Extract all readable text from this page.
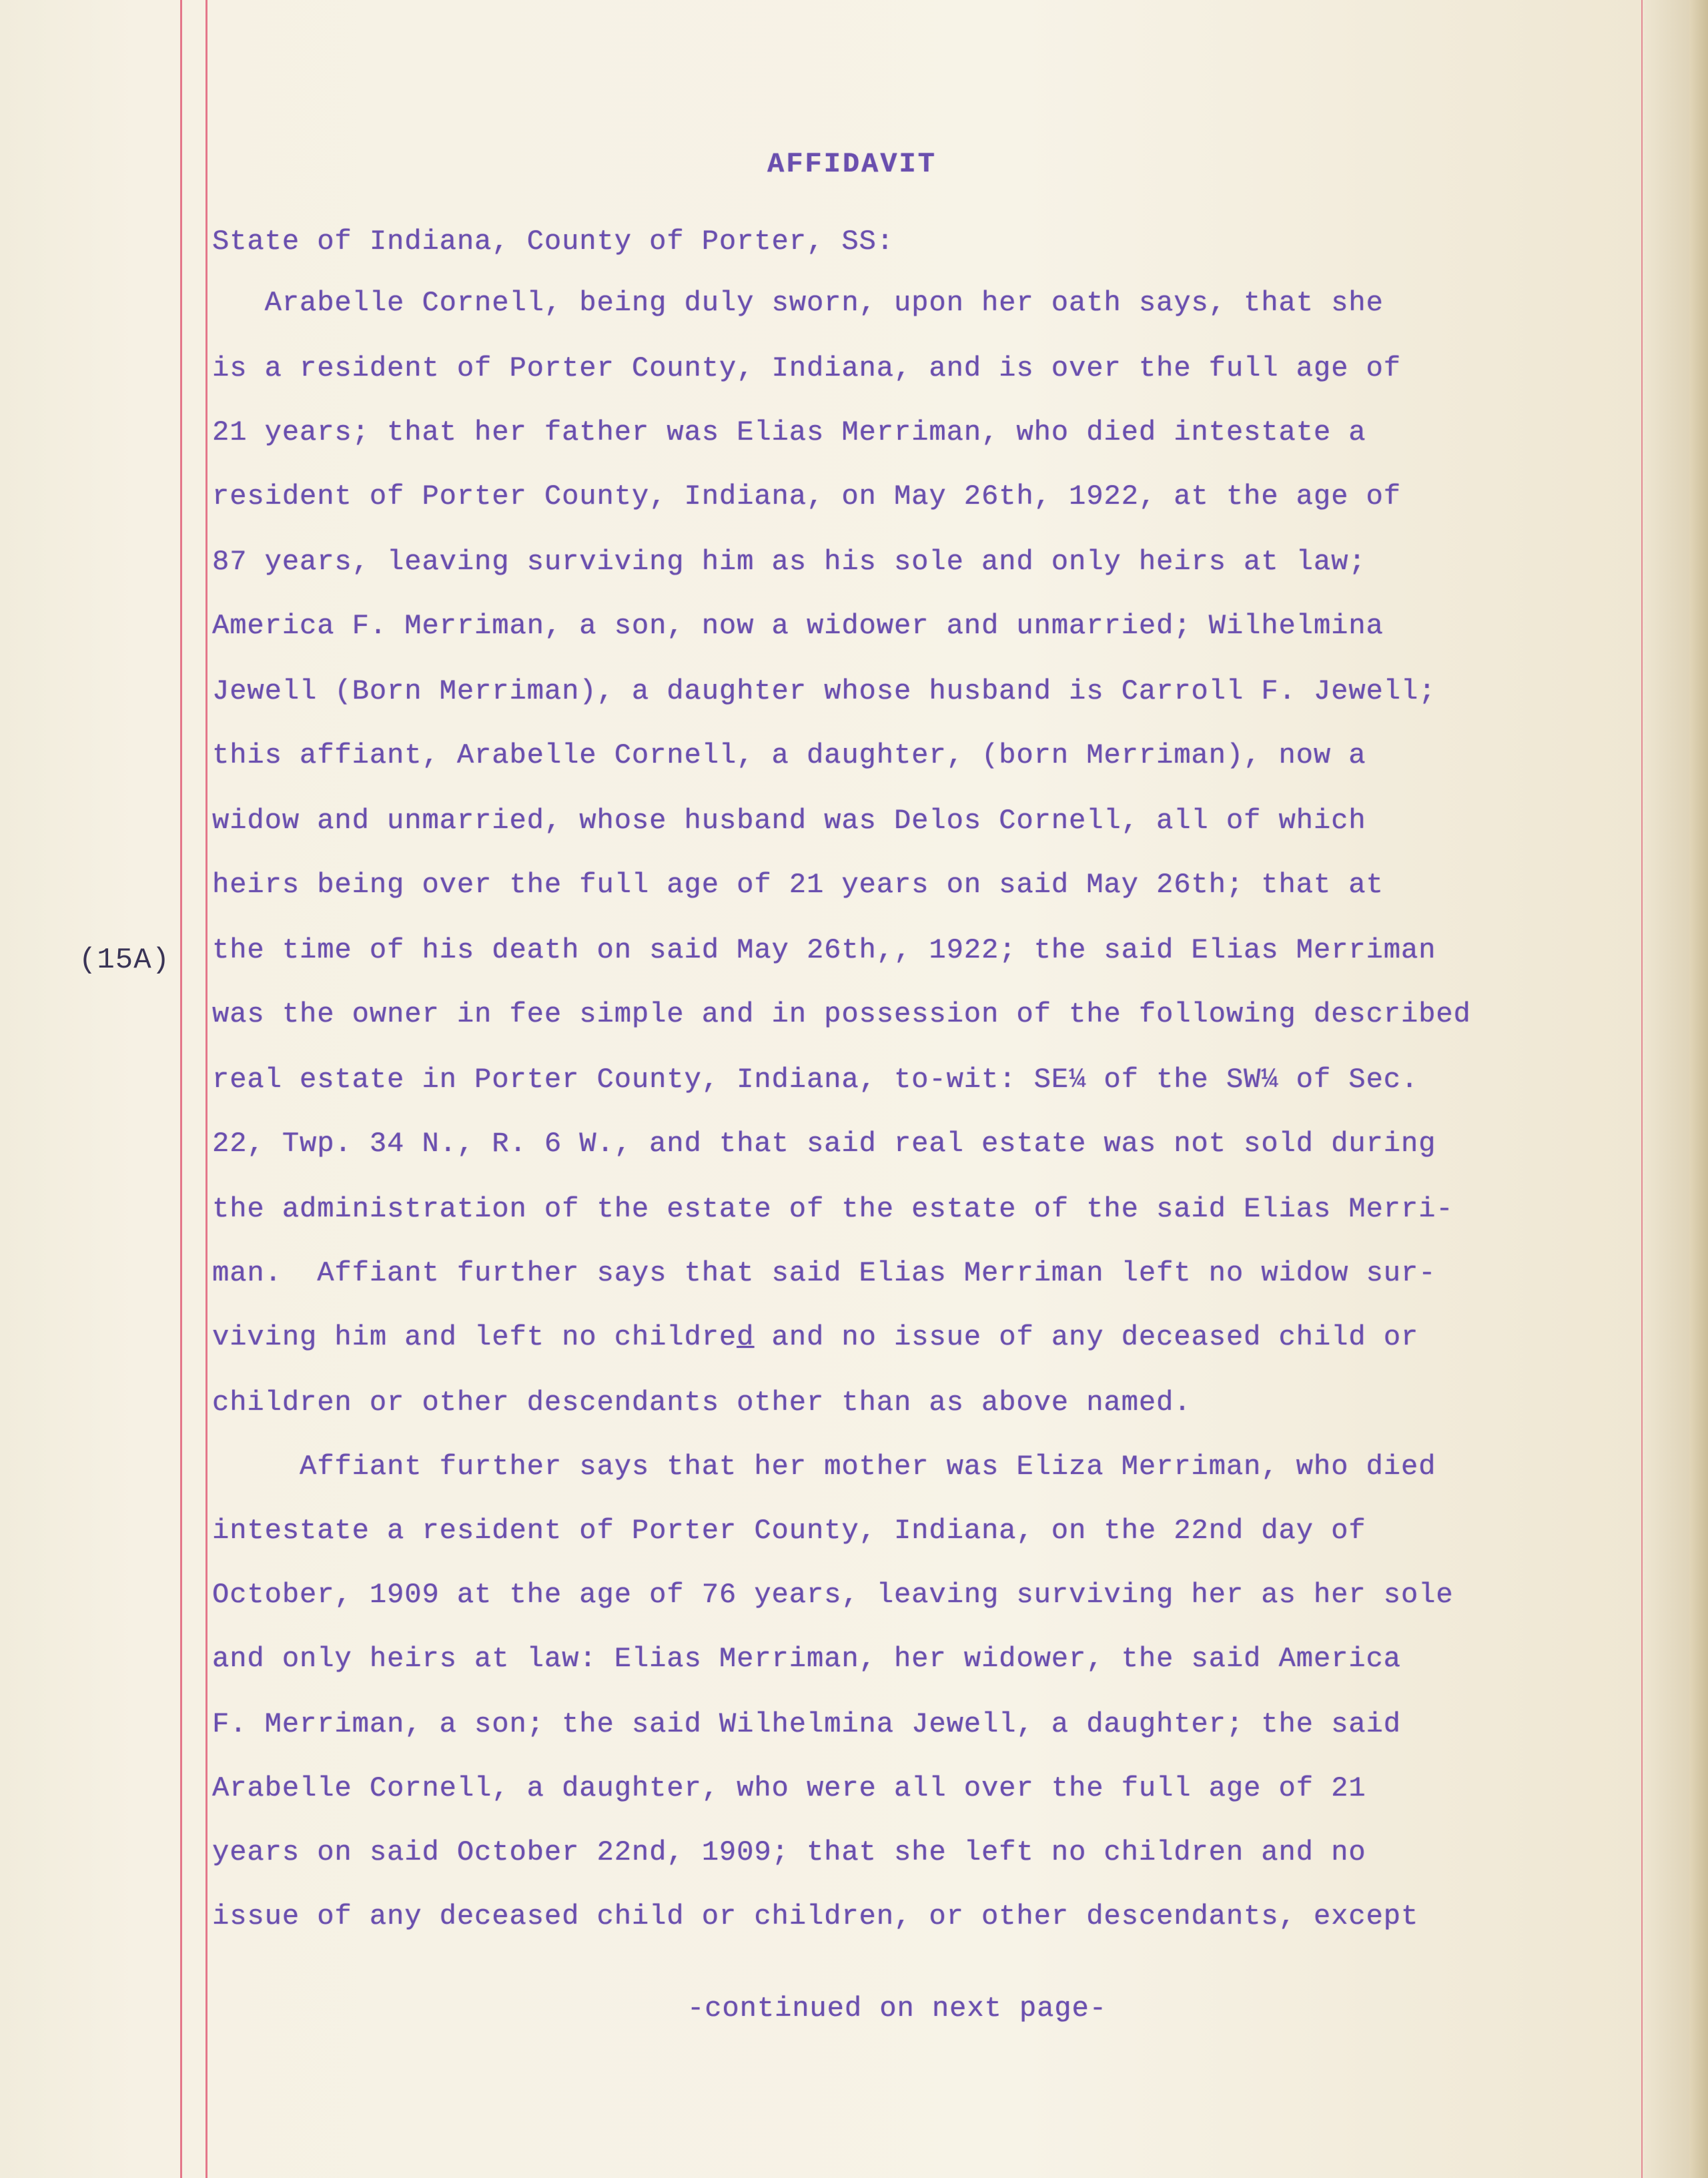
(15A)
AFFIDAVIT
State of Indiana, County of Porter, SS:
Arabelle Cornell, being duly sworn, upon her oath says, that she
is a resident of Porter County, Indiana, and is over the full age of
21 years; that her father was Elias Merriman, who died intestate a
resident of Porter County, Indiana, on May 26th, 1922, at the age of
87 years, leaving surviving him as his sole and only heirs at law;
America F. Merriman, a son, now a widower and unmarried; Wilhelmina
Jewell (Born Merriman), a daughter whose husband is Carroll F. Jewell;
this affiant, Arabelle Cornell, a daughter, (born Merriman), now a
widow and unmarried, whose husband was Delos Cornell, all of which
heirs being over the full age of 21 years on said May 26th; that at
the time of his death on said May 26th,, 1922; the said Elias Merriman
was the owner in fee simple and in possession of the following described
real estate in Porter County, Indiana, to-wit: SE¼ of the SW¼ of Sec.
22, Twp. 34 N., R. 6 W., and that said real estate was not sold during
the administration of the estate of the estate of the said Elias Merri-
man.  Affiant further says that said Elias Merriman left no widow sur-
viving him and left no childred and no issue of any deceased child or
children or other descendants other than as above named.
Affiant further says that her mother was Eliza Merriman, who died
intestate a resident of Porter County, Indiana, on the 22nd day of
October, 1909 at the age of 76 years, leaving surviving her as her sole
and only heirs at law: Elias Merriman, her widower, the said America
F. Merriman, a son; the said Wilhelmina Jewell, a daughter; the said
Arabelle Cornell, a daughter, who were all over the full age of 21
years on said October 22nd, 1909; that she left no children and no
issue of any deceased child or children, or other descendants, except
-continued on next page-
